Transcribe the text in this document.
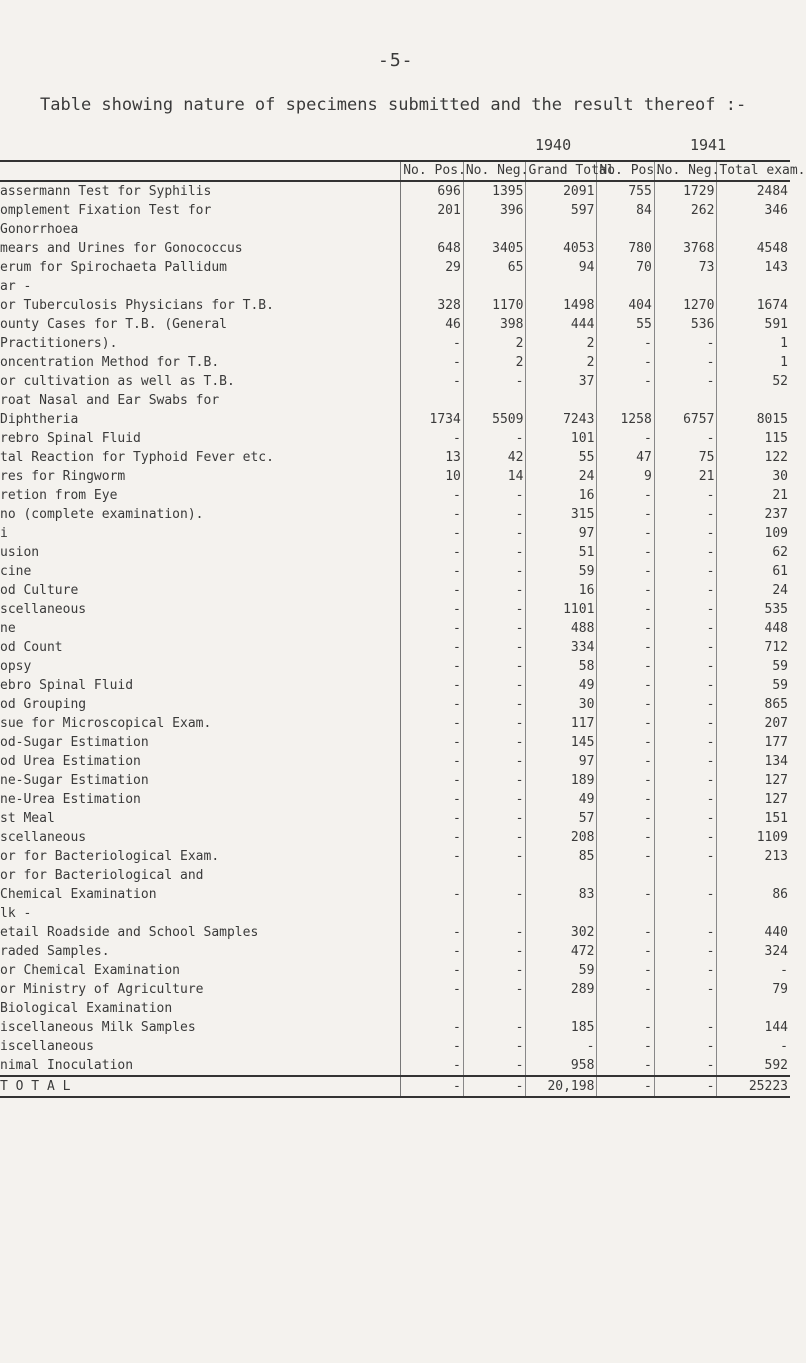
-5-
Table showing nature of specimens submitted and the result thereof :-
1940	1941
	No. Pos.	No. Neg.	Grand Total	No. Pos.	No. Neg.	Total exam.
assermann Test for Syphilis	696	1395	2091	755	1729	2484
omplement Fixation Test for	201	396	597	84	262	346
Gonorrhoea						
mears and Urines for Gonococcus	648	3405	4053	780	3768	4548
erum for Spirochaeta Pallidum	29	65	94	70	73	143
ar -						
or Tuberculosis Physicians for T.B.	328	1170	1498	404	1270	1674
ounty Cases for T.B. (General	46	398	444	55	536	591
Practitioners).	-	2	2	-	-	1
oncentration Method for T.B.	-	2	2	-	-	1
or cultivation as well as T.B.	-	-	37	-	-	52
roat Nasal and Ear Swabs for						
Diphtheria	1734	5509	7243	1258	6757	8015
rebro Spinal Fluid	-	-	101	-	-	115
tal Reaction for Typhoid Fever etc.	13	42	55	47	75	122
res for Ringworm	10	14	24	9	21	30
retion from Eye	-	-	16	-	-	21
no (complete examination).	-	-	315	-	-	237
i	-	-	97	-	-	109
usion	-	-	51	-	-	62
cine	-	-	59	-	-	61
od Culture	-	-	16	-	-	24
scellaneous	-	-	1101	-	-	535
ne	-	-	488	-	-	448
od Count	-	-	334	-	-	712
opsy	-	-	58	-	-	59
ebro Spinal Fluid	-	-	49	-	-	59
od Grouping	-	-	30	-	-	865
sue for Microscopical Exam.	-	-	117	-	-	207
od-Sugar Estimation	-	-	145	-	-	177
od Urea Estimation	-	-	97	-	-	134
ne-Sugar Estimation	-	-	189	-	-	127
ne-Urea Estimation	-	-	49	-	-	127
st Meal	-	-	57	-	-	151
scellaneous	-	-	208	-	-	1109
or for Bacteriological Exam.	-	-	85	-	-	213
or for Bacteriological and						
Chemical Examination	-	-	83	-	-	86
lk -						
etail Roadside and School Samples	-	-	302	-	-	440
raded Samples.	-	-	472	-	-	324
or Chemical Examination	-	-	59	-	-	-
or Ministry of Agriculture	-	-	289	-	-	79
Biological Examination						
iscellaneous Milk Samples	-	-	185	-	-	144
iscellaneous	-	-	-	-	-	-
nimal Inoculation	-	-	958	-	-	592
T O T A L	-	-	20,198	-	-	25223
